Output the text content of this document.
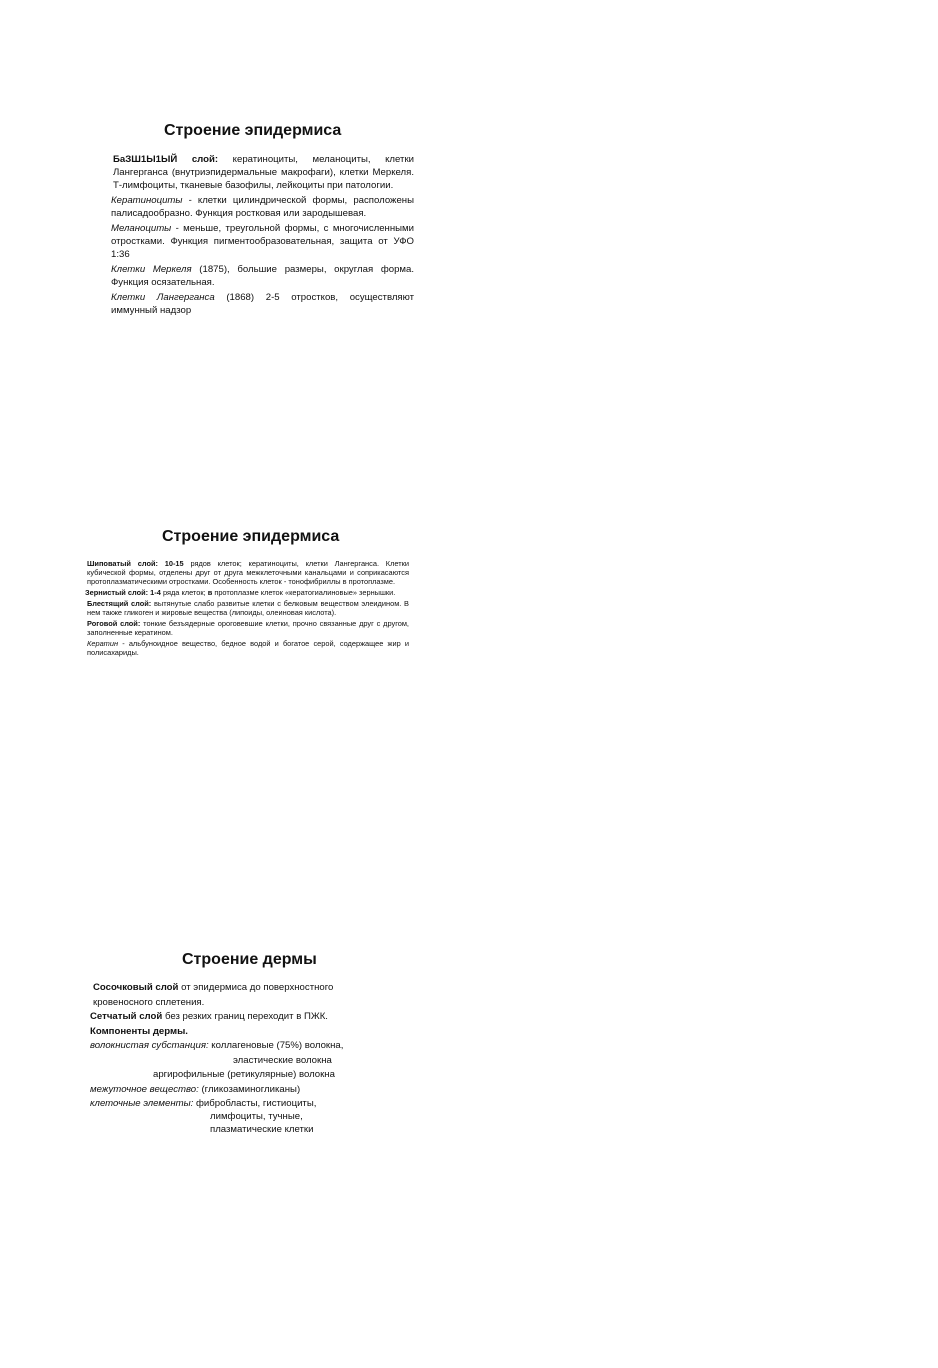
Строение эпидермиса

БаЗШ1Ы1ЫЙ слой: кератиноциты, меланоциты, клетки Лангерганса (внутриэпидермальные макрофаги), клетки Меркеля. Т-лимфоциты, тканевые базофилы, лейкоциты при патологии.

Кератиноциты - клетки цилиндрической формы, расположены палисадообразно. Функция ростковая или зародышевая.

Меланоциты - меньше, треугольной формы, с многочисленными отростками. Функция пигментообразовательная, защита от УФО 1:36

Клетки Меркеля (1875), большие размеры, округлая форма. Функция осязательная.

Клетки Лангерганса (1868) 2-5 отростков, осуществляют иммунный надзор

Строение эпидермиса

Шиповатый слой: 10-15 рядов клеток; кератиноциты, клетки Лангерганса. Клетки кубической формы, отделены друг от друга межклеточными канальцами и соприкасаются протоплазматическими отростками. Особенность клеток - тонофибриллы в протоплазме.

Зернистый слой: 1-4 ряда клеток; в протоплазме клеток «кератогиалиновые» зернышки.

Блестящий слой: вытянутые слабо развитые клетки с белковым веществом элеидином. В нем также гликоген и жировые вещества (липоиды, олеиновая кислота).

Роговой слой: тонкие безъядерные ороговевшие клетки, прочно связанные друг с другом, заполненные кератином.

Кератин - альбуноидное вещество, бедное водой и богатое серой, содержащее жир и полисахариды.

Строение дермы

Сосочковый слой от эпидермиса до поверхностного

кровеносного сплетения.

Сетчатый слой без резких границ переходит в ПЖК.

Компоненты дермы.

волокнистая субстанция: коллагеновые (75%) волокна,

эластические волокна

аргирофильные (ретикулярные) волокна

межуточное вещество: (гликозаминогликаны)

клеточные элементы: фибробласты, гистиоциты,

лимфоциты, тучные,

плазматические клетки
